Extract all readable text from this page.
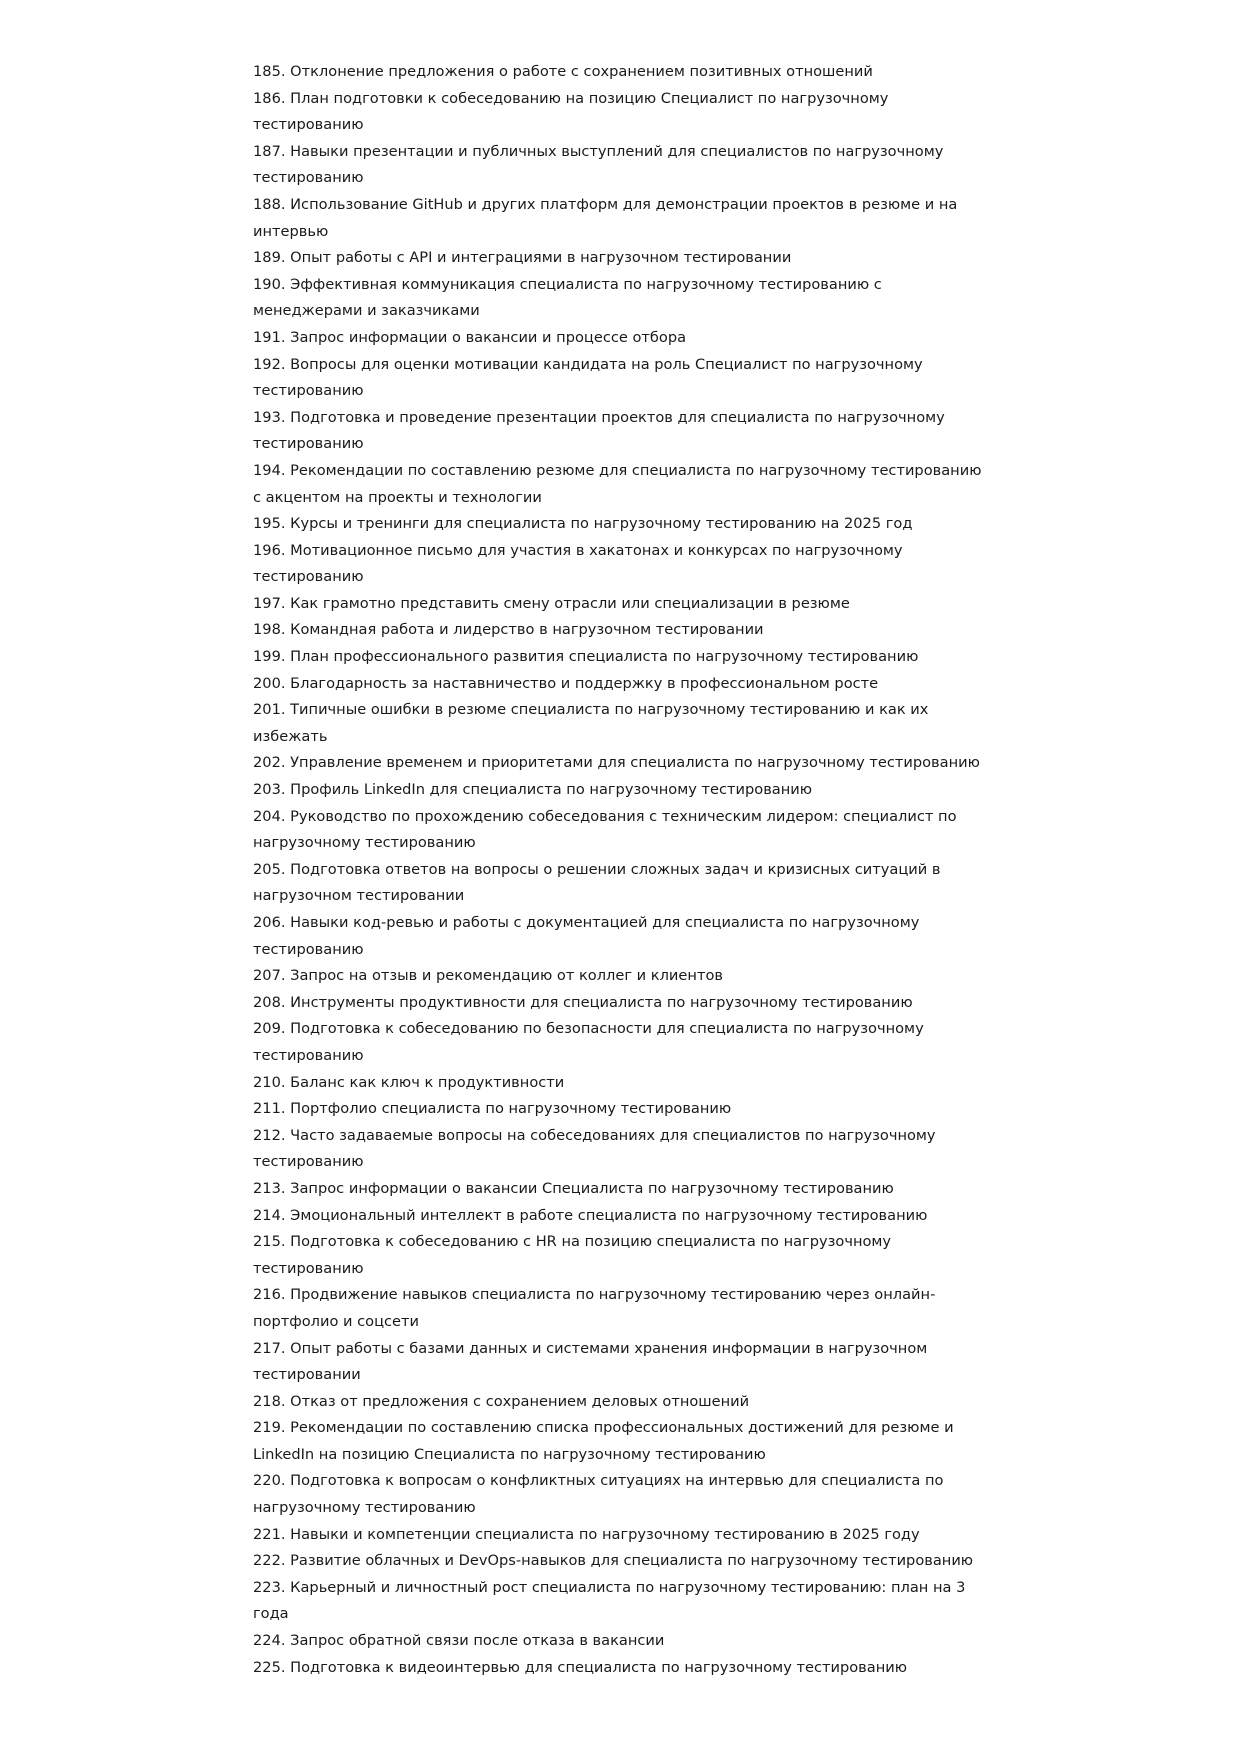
185. Отклонение предложения о работе с сохранением позитивных отношений

186. План подготовки к собеседованию на позицию Специалист по нагрузочному тестированию

187. Навыки презентации и публичных выступлений для специалистов по нагрузочному тестированию

188. Использование GitHub и других платформ для демонстрации проектов в резюме и на интервью

189. Опыт работы с API и интеграциями в нагрузочном тестировании

190. Эффективная коммуникация специалиста по нагрузочному тестированию с менеджерами и заказчиками

191. Запрос информации о вакансии и процессе отбора

192. Вопросы для оценки мотивации кандидата на роль Специалист по нагрузочному тестированию

193. Подготовка и проведение презентации проектов для специалиста по нагрузочному тестированию

194. Рекомендации по составлению резюме для специалиста по нагрузочному тестированию с акцентом на проекты и технологии

195. Курсы и тренинги для специалиста по нагрузочному тестированию на 2025 год

196. Мотивационное письмо для участия в хакатонах и конкурсах по нагрузочному тестированию

197. Как грамотно представить смену отрасли или специализации в резюме

198. Командная работа и лидерство в нагрузочном тестировании

199. План профессионального развития специалиста по нагрузочному тестированию

200. Благодарность за наставничество и поддержку в профессиональном росте

201. Типичные ошибки в резюме специалиста по нагрузочному тестированию и как их избежать

202. Управление временем и приоритетами для специалиста по нагрузочному тестированию

203. Профиль LinkedIn для специалиста по нагрузочному тестированию

204. Руководство по прохождению собеседования с техническим лидером: специалист по нагрузочному тестированию

205. Подготовка ответов на вопросы о решении сложных задач и кризисных ситуаций в нагрузочном тестировании

206. Навыки код-ревью и работы с документацией для специалиста по нагрузочному тестированию

207. Запрос на отзыв и рекомендацию от коллег и клиентов

208. Инструменты продуктивности для специалиста по нагрузочному тестированию

209. Подготовка к собеседованию по безопасности для специалиста по нагрузочному тестированию

210. Баланс как ключ к продуктивности

211. Портфолио специалиста по нагрузочному тестированию

212. Часто задаваемые вопросы на собеседованиях для специалистов по нагрузочному тестированию

213. Запрос информации о вакансии Специалиста по нагрузочному тестированию

214. Эмоциональный интеллект в работе специалиста по нагрузочному тестированию

215. Подготовка к собеседованию с HR на позицию специалиста по нагрузочному тестированию

216. Продвижение навыков специалиста по нагрузочному тестированию через онлайн-портфолио и соцсети

217. Опыт работы с базами данных и системами хранения информации в нагрузочном тестировании

218. Отказ от предложения с сохранением деловых отношений

219. Рекомендации по составлению списка профессиональных достижений для резюме и LinkedIn на позицию Специалиста по нагрузочному тестированию

220. Подготовка к вопросам о конфликтных ситуациях на интервью для специалиста по нагрузочному тестированию

221. Навыки и компетенции специалиста по нагрузочному тестированию в 2025 году

222. Развитие облачных и DevOps-навыков для специалиста по нагрузочному тестированию

223. Карьерный и личностный рост специалиста по нагрузочному тестированию: план на 3 года

224. Запрос обратной связи после отказа в вакансии

225. Подготовка к видеоинтервью для специалиста по нагрузочному тестированию
